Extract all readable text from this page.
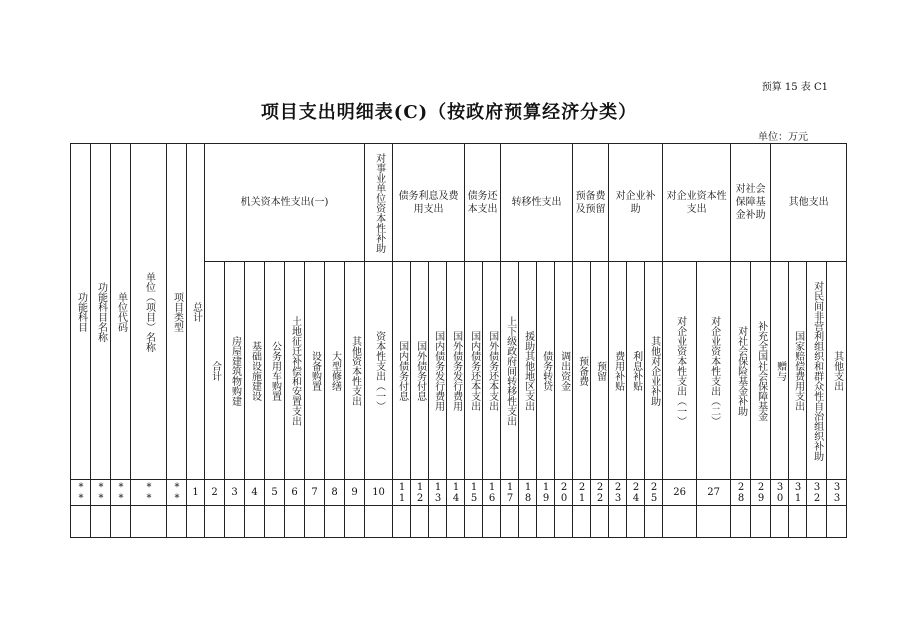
预算 15 表 C1
项目支出明细表(C)（按政府预算经济分类）
单位：万元
功能科目	功能科目名称	单位代码	单位（项目）名称	项目类型	总计	机关资本性支出(一)								对事业单位资本性补助	债务利息及费用支出				债务还本支出		转移性支出				预备费及预留		对企业补助			对企业资本性支出		对社会保障基金补助		其他支出			

						合计	房屋建筑物购建	基础设施建设	公务用车购置	土地征迁补偿和安置支出	设备购置	大型修缮	其他资本性支出	资本性支出（一）	国内债务付息	国外债务付息	国内债务发行费用	国外债务发行费用	国内债务还本支出	国外债务还本支出	上下级政府间转移性支出	援助其他地区支出	债务转贷	调出资金	预备费	预留	费用补贴	利息补贴	其他对企业补助	对企业资本性支出（一）	对企业资本性支出（二）	对社会保险基金补助	补充全国社会保障基金	赠与	国家赔偿费用支出	对民间非营利组织和群众性自治组织补助	其他支出

**	**	**	**	**	1	2	3	4	5	6	7	8	9	10	11	12	13	14	15	16	17	18	19	20	21	22	23	24	25	26	27	28	29	30	31	32	33
